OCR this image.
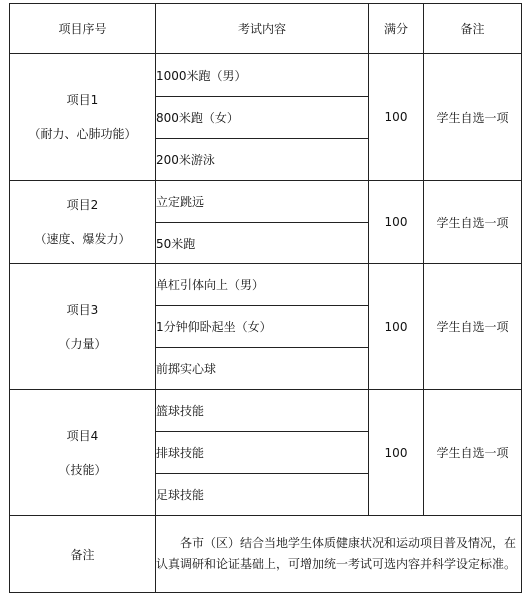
项目序号	考试内容	满分	备注

项目1
（耐力、心肺功能）	1000米跑（男）	100	学生自选一项
	800米跑（女）		
	200米游泳		

项目2
（速度、爆发力）	立定跳远	100	学生自选一项
	50米跑		

项目3
（力量）	单杠引体向上（男）	100	学生自选一项
	1分钟仰卧起坐（女）		
	前掷实心球		

项目4
（技能）	篮球技能	100	学生自选一项
	排球技能		
	足球技能		
备注	各市（区）结合当地学生体质健康状况和运动项目普及情况，在认真调研和论证基础上，可增加统一考试可选内容并科学设定标准。		
